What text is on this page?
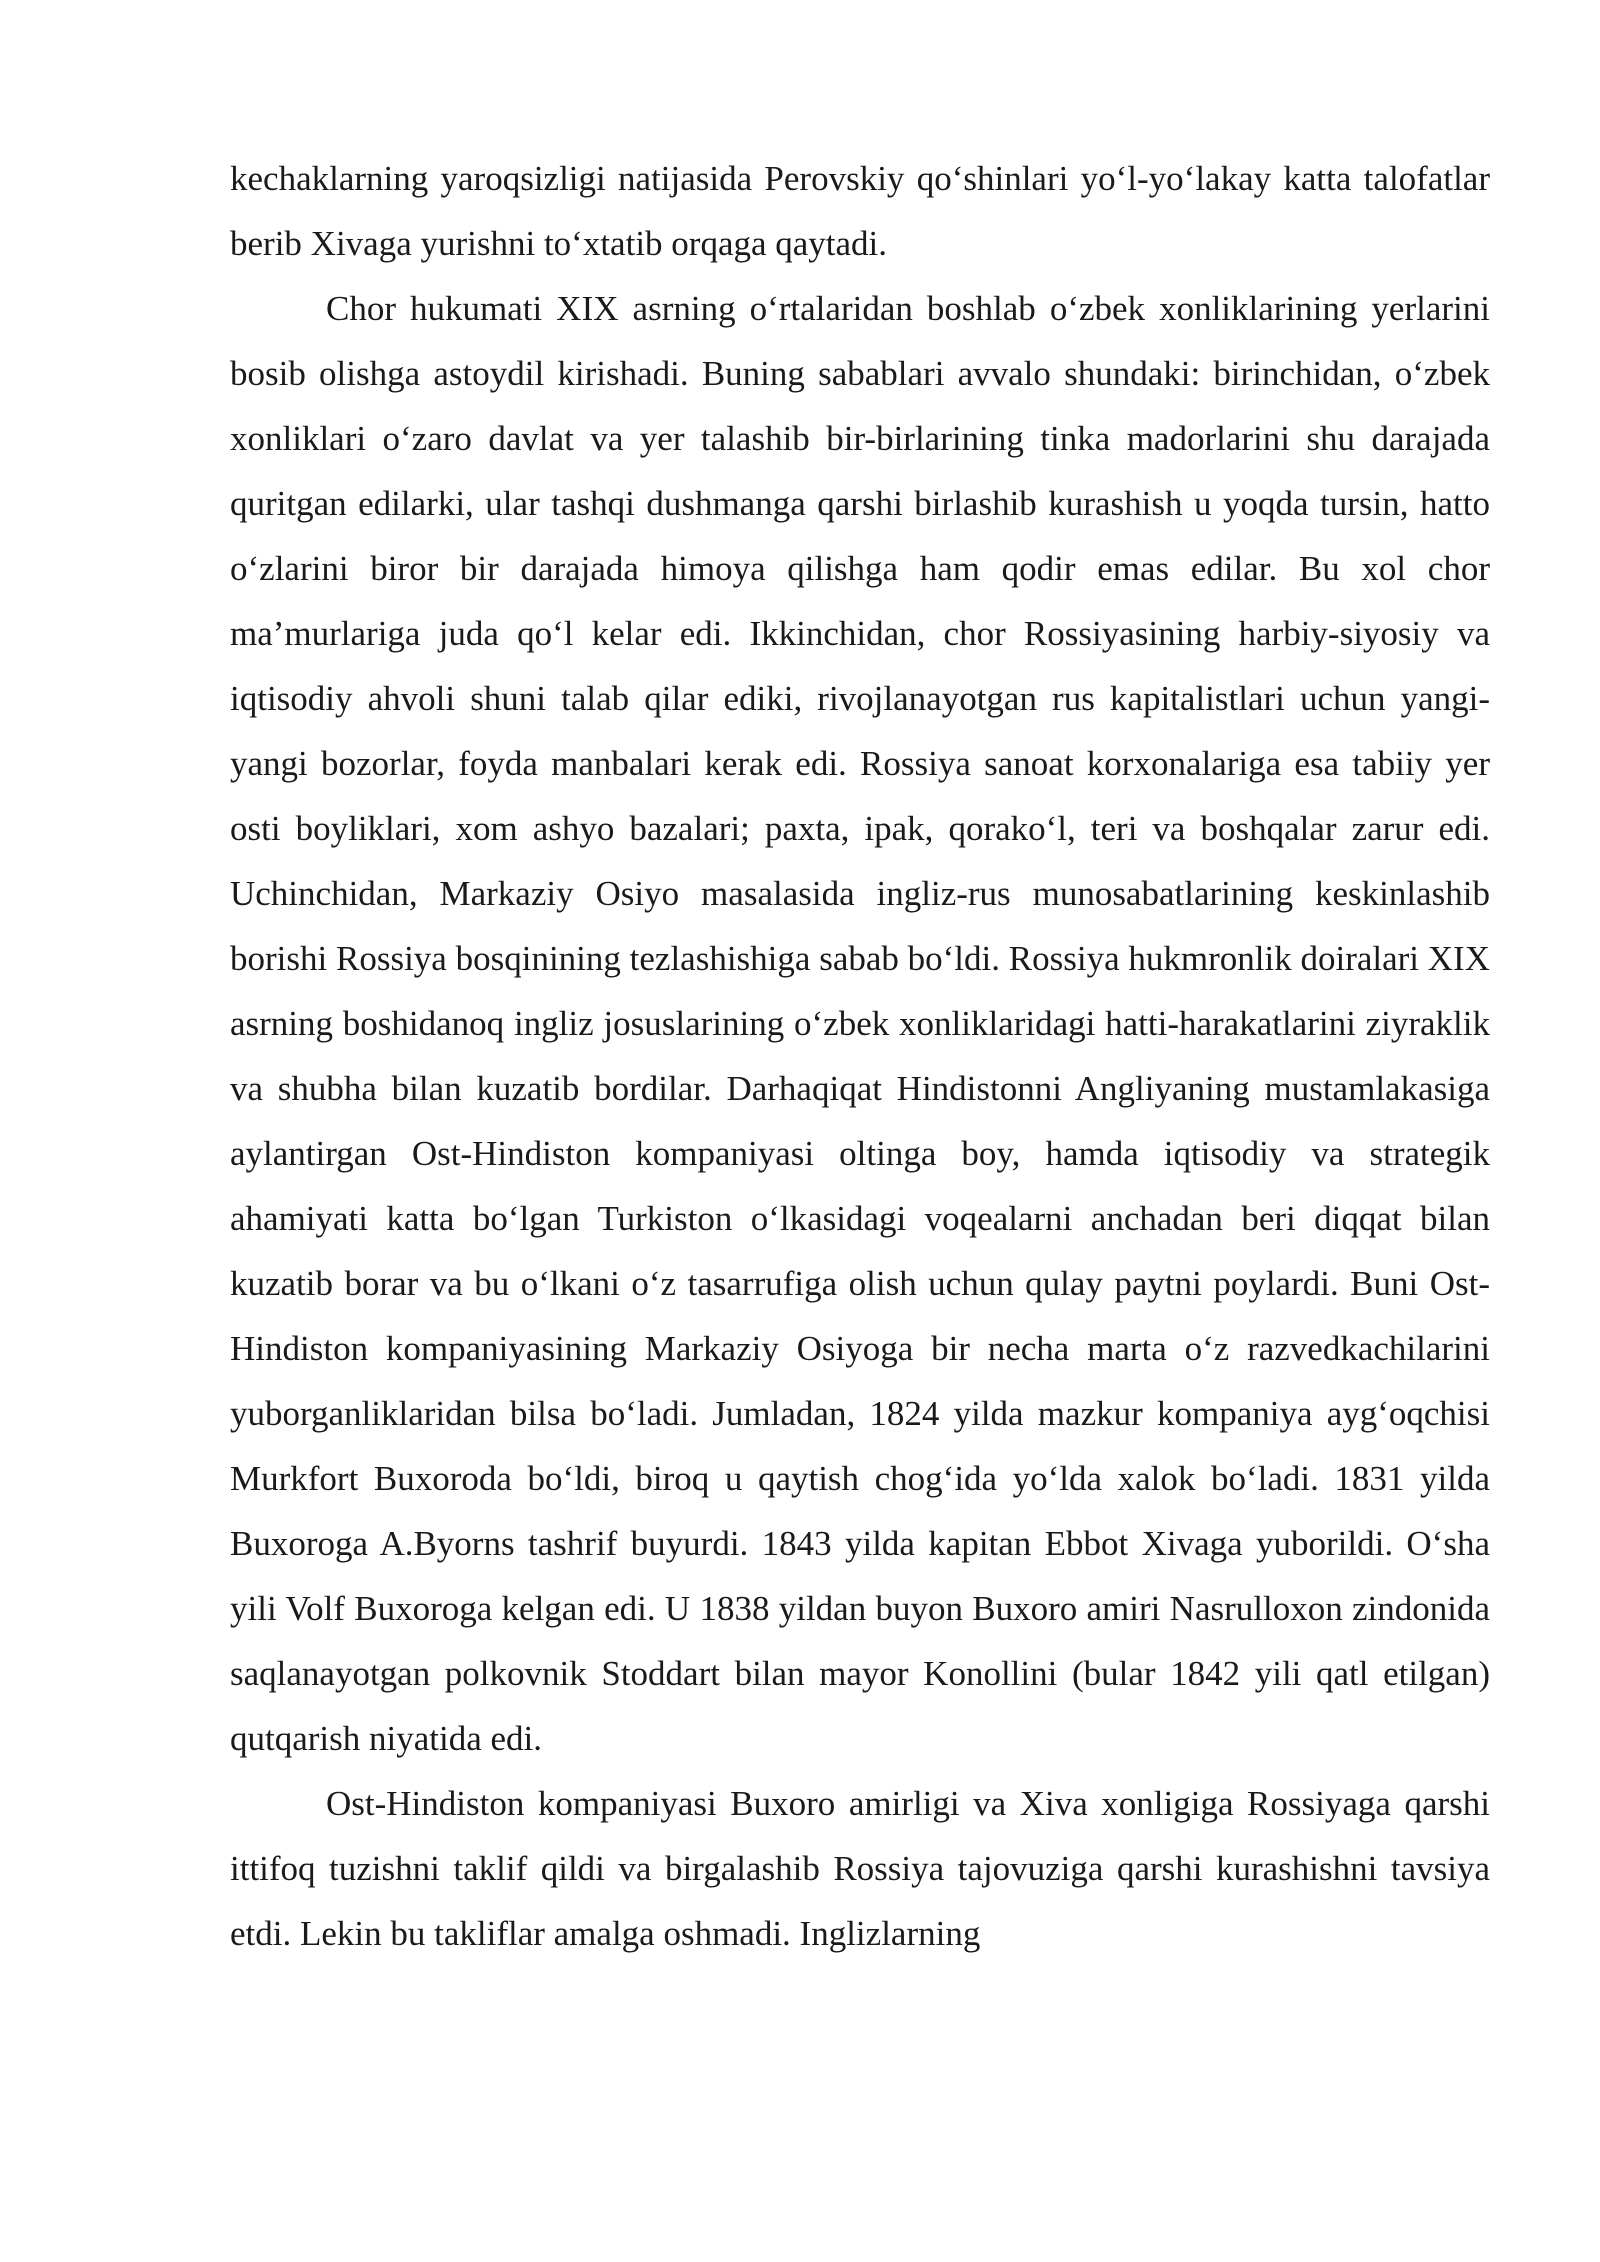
kechaklarning yaroqsizligi natijasida Perovskiy qo‘shinlari yo‘l-yo‘lakay katta talofatlar berib Xivaga yurishni to‘xtatib orqaga qaytadi.

Chor hukumati XIX asrning o‘rtalaridan boshlab o‘zbek xonliklarining yerlarini bosib olishga astoydil kirishadi. Buning sabablari avvalo shundaki: birinchidan, o‘zbek xonliklari o‘zaro davlat va yer talashib bir-birlarining tinka madorlarini shu darajada quritgan edilarki, ular tashqi dushmanga qarshi birlashib kurashish u yoqda tursin, hatto o‘zlarini biror bir darajada himoya qilishga ham qodir emas edilar. Bu xol chor ma’murlariga juda qo‘l kelar edi. Ikkinchidan, chor Rossiyasining harbiy-siyosiy va iqtisodiy ahvoli shuni talab qilar ediki, rivojlanayotgan rus kapitalistlari uchun yangi-yangi bozorlar, foyda manbalari kerak edi. Rossiya sanoat korxonalariga esa tabiiy yer osti boyliklari, xom ashyo bazalari; paxta, ipak, qorako‘l, teri va boshqalar zarur edi. Uchinchidan, Markaziy Osiyo masalasida ingliz-rus munosabatlarining keskinlashib borishi Rossiya bosqinining tezlashishiga sabab bo‘ldi. Rossiya hukmronlik doiralari XIX asrning boshidanoq ingliz josuslarining o‘zbek xonliklaridagi hatti-harakatlarini ziyraklik va shubha bilan kuzatib bordilar. Darhaqiqat Hindistonni Angliyaning mustamlakasiga aylantirgan Ost-Hindiston kompaniyasi oltinga boy, hamda iqtisodiy va strategik ahamiyati katta bo‘lgan Turkiston o‘lkasidagi voqealarni anchadan beri diqqat bilan kuzatib borar va bu o‘lkani o‘z tasarrufiga olish uchun qulay paytni poylardi. Buni Ost-Hindiston kompaniyasining Markaziy Osiyoga bir necha marta o‘z razvedkachilarini yuborganliklaridan bilsa bo‘ladi. Jumladan, 1824 yilda mazkur kompaniya ayg‘oqchisi Murkfort Buxoroda bo‘ldi, biroq u qaytish chog‘ida yo‘lda xalok bo‘ladi. 1831 yilda Buxoroga A.Byorns tashrif buyurdi. 1843 yilda kapitan Ebbot Xivaga yuborildi. O‘sha yili Volf Buxoroga kelgan edi. U 1838 yildan buyon Buxoro amiri Nasrulloxon zindonida saqlanayotgan polkovnik Stoddart bilan mayor Konollini (bular 1842 yili qatl etilgan) qutqarish niyatida edi.

Ost-Hindiston kompaniyasi Buxoro amirligi va Xiva xonligiga Rossiyaga qarshi ittifoq tuzishni taklif qildi va birgalashib Rossiya tajovuziga qarshi kurashishni tavsiya etdi. Lekin bu takliflar amalga oshmadi. Inglizlarning
